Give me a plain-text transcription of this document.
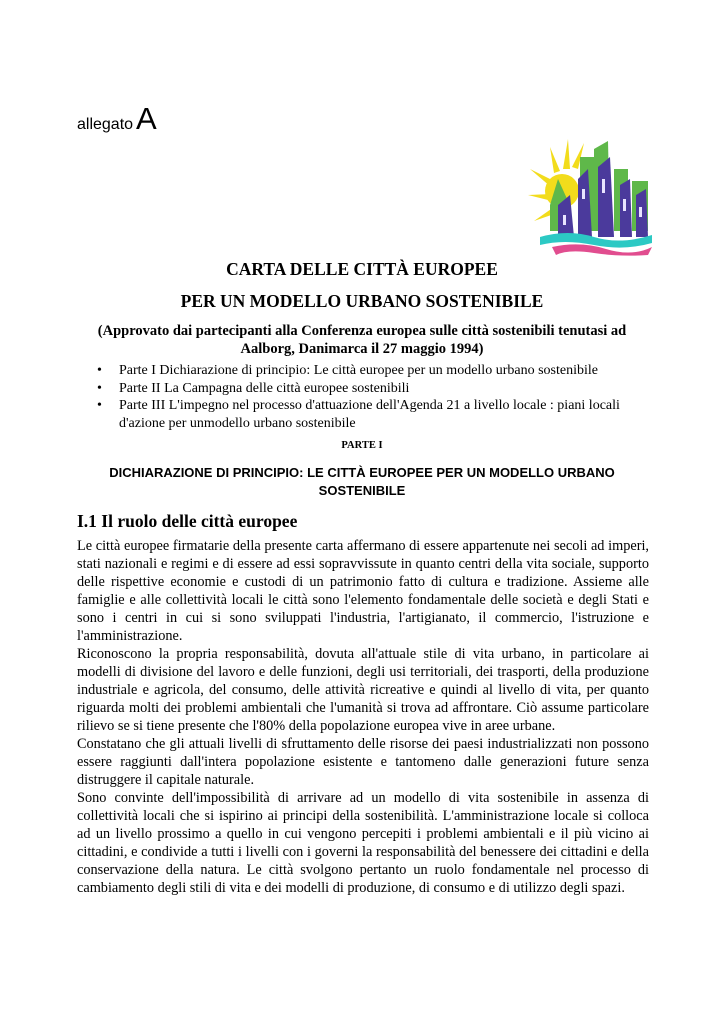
allegatoA
CARTA DELLE CITTÀ EUROPEE
PER UN MODELLO URBANO SOSTENIBILE
(Approvato dai partecipanti alla Conferenza europea sulle città sostenibili tenutasi ad Aalborg, Danimarca il 27 maggio 1994)
• Parte I Dichiarazione di principio: Le città europee per un modello urbano sostenibile
• Parte II La Campagna delle città europee sostenibili
• Parte III L'impegno nel processo d'attuazione dell'Agenda 21 a livello locale : piani locali d'azione per unmodello urbano sostenibile
PARTE I
DICHIARAZIONE DI PRINCIPIO: LE CITTÀ EUROPEE PER UN MODELLO URBANO SOSTENIBILE
I.1 Il ruolo delle città europee

Le città europee firmatarie della presente carta affermano di essere appartenute nei secoli ad imperi, stati nazionali e regimi e di essere ad essi sopravvissute in quanto centri della vita sociale, supporto delle rispettive economie e custodi di un patrimonio fatto di cultura e tradizione. Assieme alle famiglie e alle collettività locali le città sono l'elemento fondamentale delle società e degli Stati e sono i centri in cui si sono sviluppati l'industria, l'artigianato, il commercio, l'istruzione e l'amministrazione.

Riconoscono la propria responsabilità, dovuta all'attuale stile di vita urbano, in particolare ai modelli di divisione del lavoro e delle funzioni, degli usi territoriali, dei trasporti, della produzione industriale e agricola, del consumo, delle attività ricreative e quindi al livello di vita, per quanto riguarda molti dei problemi ambientali che l'umanità si trova ad affrontare. Ciò assume particolare rilievo se si tiene presente che l'80% della popolazione europea vive in aree urbane.

Constatano che gli attuali livelli di sfruttamento delle risorse dei paesi industrializzati non possono essere raggiunti dall'intera popolazione esistente e tantomeno dalle generazioni future senza distruggere il capitale naturale.

Sono convinte dell'impossibilità di arrivare ad un modello di vita sostenibile in assenza di collettività locali che si ispirino ai principi della sostenibilità. L'amministrazione locale si colloca ad un livello prossimo a quello in cui vengono percepiti i problemi ambientali e il più vicino ai cittadini, e condivide a tutti i livelli con i governi la responsabilità del benessere dei cittadini e della conservazione della natura. Le città svolgono pertanto un ruolo fondamentale nel processo di cambiamento degli stili di vita e dei modelli di produzione, di consumo e di utilizzo degli spazi.
